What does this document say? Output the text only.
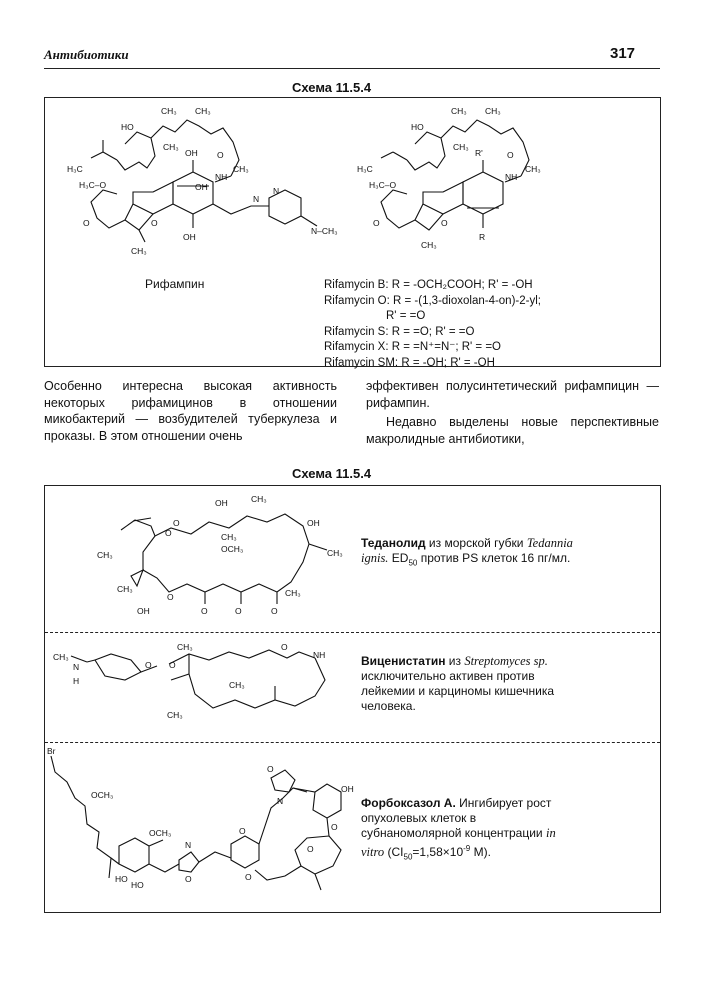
Антибиотики	317
Схема 11.5.4
CH₃ CH₃
HO
CH₃
OH O
CH₃
H₃C
H₃C–O	OH
NH
N
N
N–CH₃
OH
O
CH₃
O
Рифампин
CH₃ CH₃
HO
CH₃
R'	O
CH₃
H₃C
H₃C–O
NH
R
O
CH₃
O
Rifamycin B: R = -OCH₂COOH; R' = -OH
Rifamycin O: R = -(1,3-dioxolan-4-on)-2-yl;
R' = =O
Rifamycin S: R = =O; R' = =O
Rifamycin X: R = =N⁺=N⁻; R' = =O
Rifamycin SM: R = -OH; R' = -OH

Особенно интересна высокая активность некоторых рифамицинов в отношении микобактерий — возбудителей туберкулеза и проказы. В этом отношении очень

эффективен полусинтетический рифампицин — рифампин.

Недавно выделены новые перспективные макролидные антибиотики,

Схема 11.5.4
OH	CH₃
OH
O
O
OCH₃
CH₃
CH₃
CH₃
CH₃
OH
O
O	O	O
CH₃
Теданолид из морской губки Tedannia ignis. $ED_{50}$ против PS клеток 16 пг/мл.
O
O
CH₃
N
H
CH₃	O
NH
CH₃
CH₃
Виценистатин из Streptomyces sp. исключительно активен против лейкемии и карциномы кишечника человека.
Br
OCH₃
OCH₃
HO
HO
N
O
O
N
OH
O
O
O
O
Форбоксазол А. Ингибирует рост опухолевых клеток в субнаномолярной концентрации in vitro ($CI_{50}=1,58\times 10^{-9}$ М).
